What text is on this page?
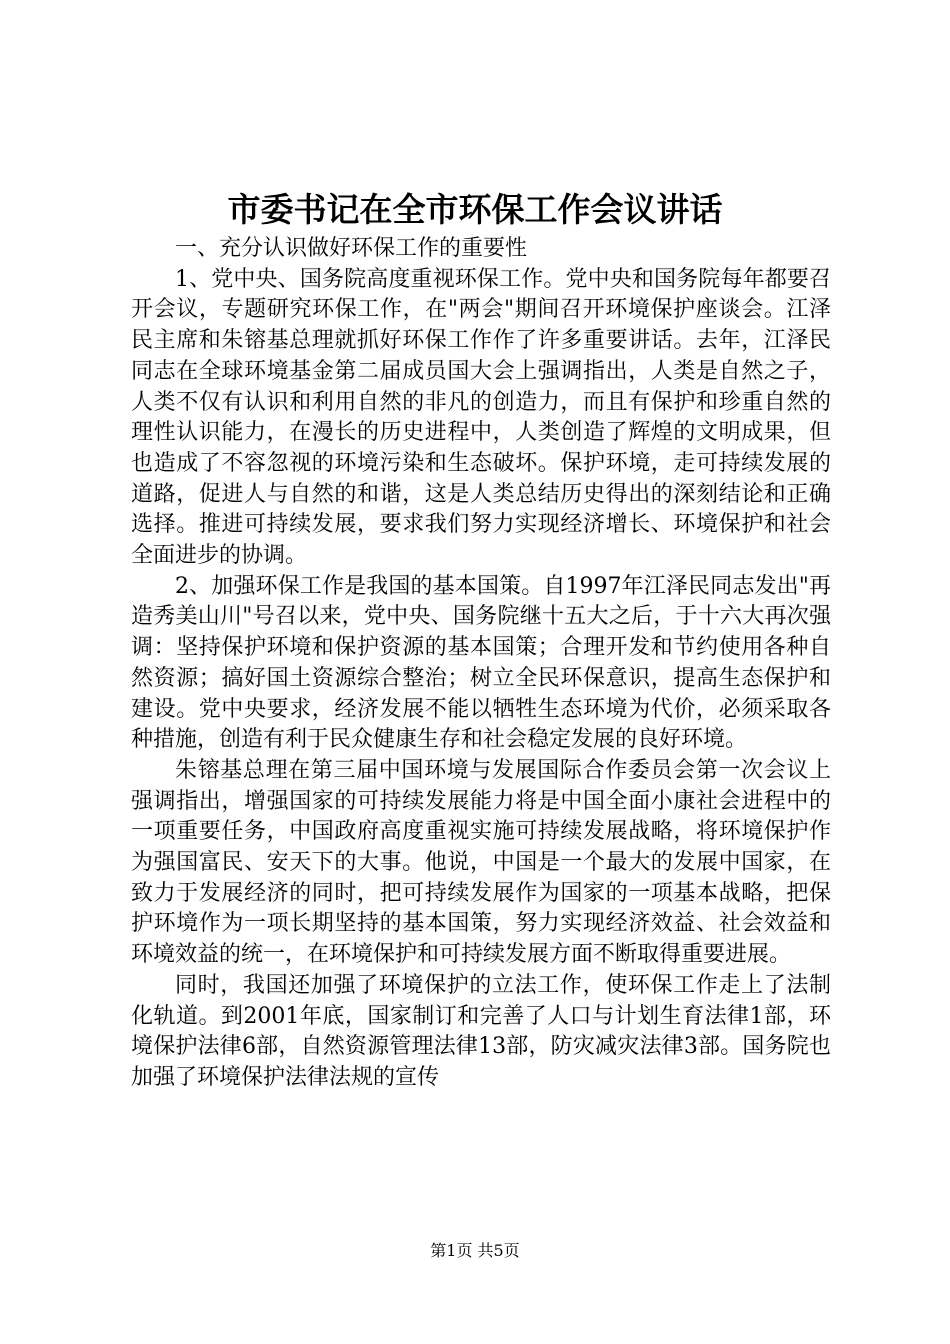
市委书记在全市环保工作会议讲话

一、充分认识做好环保工作的重要性

1、党中央、国务院高度重视环保工作。党中央和国务院每年都要召开会议，专题研究环保工作，在"两会"期间召开环境保护座谈会。江泽民主席和朱镕基总理就抓好环保工作作了许多重要讲话。去年，江泽民同志在全球环境基金第二届成员国大会上强调指出，人类是自然之子，人类不仅有认识和利用自然的非凡的创造力，而且有保护和珍重自然的理性认识能力，在漫长的历史进程中，人类创造了辉煌的文明成果，但也造成了不容忽视的环境污染和生态破坏。保护环境，走可持续发展的道路，促进人与自然的和谐，这是人类总结历史得出的深刻结论和正确选择。推进可持续发展，要求我们努力实现经济增长、环境保护和社会全面进步的协调。

2、加强环保工作是我国的基本国策。自1997年江泽民同志发出"再造秀美山川"号召以来，党中央、国务院继十五大之后，于十六大再次强调：坚持保护环境和保护资源的基本国策；合理开发和节约使用各种自然资源；搞好国土资源综合整治；树立全民环保意识，提高生态保护和建设。党中央要求，经济发展不能以牺牲生态环境为代价，必须采取各种措施，创造有利于民众健康生存和社会稳定发展的良好环境。

朱镕基总理在第三届中国环境与发展国际合作委员会第一次会议上强调指出，增强国家的可持续发展能力将是中国全面小康社会进程中的一项重要任务，中国政府高度重视实施可持续发展战略，将环境保护作为强国富民、安天下的大事。他说，中国是一个最大的发展中国家，在致力于发展经济的同时，把可持续发展作为国家的一项基本战略，把保护环境作为一项长期坚持的基本国策，努力实现经济效益、社会效益和环境效益的统一，在环境保护和可持续发展方面不断取得重要进展。

同时，我国还加强了环境保护的立法工作，使环保工作走上了法制化轨道。到2001年底，国家制订和完善了人口与计划生育法律1部，环境保护法律6部，自然资源管理法律13部，防灾减灾法律3部。国务院也加强了环境保护法律法规的宣传

第1页 共5页
